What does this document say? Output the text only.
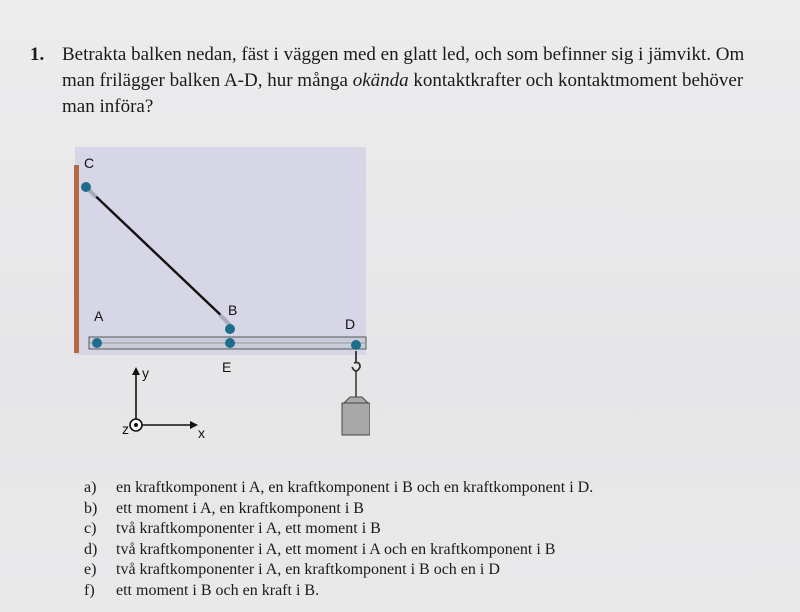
1. Betrakta balken nedan, fäst i väggen med en glatt led, och som befinner sig i jämvikt. Om
man frilägger balken A-D, hur många okända kontaktkrafter och kontaktmoment behöver
man införa?
C
A	B
D
E
y
x
z
a)	en kraftkomponent i A, en kraftkomponent i B och en kraftkomponent i D.
b)	ett moment i A, en kraftkomponent i B
c)	två kraftkomponenter i A, ett moment i B
d)	två kraftkomponenter i A, ett moment i A och en kraftkomponent i B
e)	två kraftkomponenter i A, en kraftkomponent i B och en i D
f)	ett moment i B och en kraft i B.
